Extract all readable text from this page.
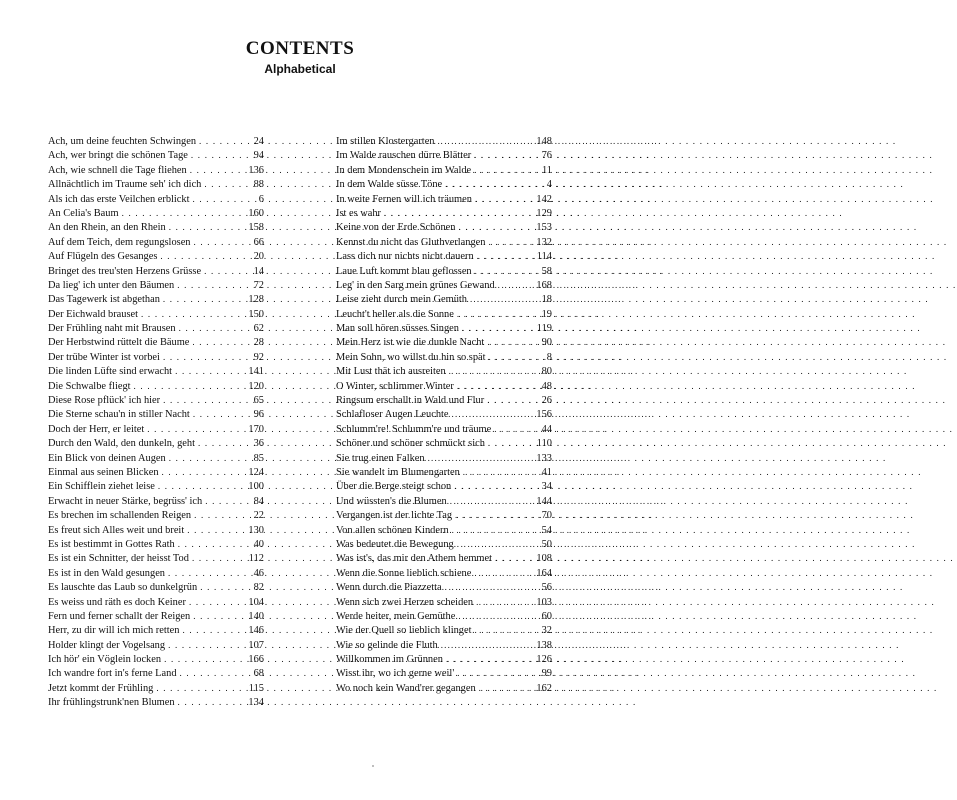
CONTENTS
Alphabetical
Ach, um deine feuchten Schwingen . . .	24
Ach, wer bringt die schönen Tage . . .	94
Ach, wie schnell die Tage fliehen . . .	136
Allnächtlich im Traume seh' ich dich . . .	88
Als ich das erste Veilchen erblickt . . .	6
An Celia's Baum . . .	160
An den Rhein, an den Rhein . . .	158
Auf dem Teich, dem regungslosen . . .	66
Auf Flügeln des Gesanges . . .	20
Bringet des treu'sten Herzens Grüsse . . .	14
Da lieg' ich unter den Bäumen . . .	72
Das Tagewerk ist abgethan . . .	128
Der Eichwald brauset . . .	150
Der Frühling naht mit Brausen . . .	62
Der Herbstwind rüttelt die Bäume . . .	28
Der trübe Winter ist vorbei . . .	92
Die linden Lüfte sind erwacht . . .	141
Die Schwalbe fliegt . . .	120
Diese Rose pflück' ich hier . . .	65
Die Sterne schau'n in stiller Nacht . . .	96
Doch der Herr, er leitet . . .	170
Durch den Wald, den dunkeln, geht . . .	36
Ein Blick von deinen Augen . . .	85
Einmal aus seinen Blicken . . .	124
Ein Schifflein ziehet leise . . .	100
Erwacht in neuer Stärke, begrüss' ich . . .	84
Es brechen im schallenden Reigen . . .	22
Es freut sich Alles weit und breit . . .	130
Es ist bestimmt in Gottes Rath . . .	40
Es ist ein Schnitter, der heisst Tod . . .	112
Es ist in den Wald gesungen . . .	46
Es lauschte das Laub so dunkelgrün . . .	82
Es weiss und räth es doch Keiner . . .	104
Fern und ferner schallt der Reigen . . .	140
Herr, zu dir will ich mich retten . . .	146
Holder klingt der Vogelsang . . .	107
Ich hör' ein Vöglein locken . . .	166
Ich wandre fort in's ferne Land . . .	68
Jetzt kommt der Frühling . . .	115
Ihr frühlingstrunk'nen Blumen . . .	134
Im stillen Klostergarten . . .	148
Im Walde rauschen dürre Blätter . . .	76
In dem Mondenschein im Walde . . .	11
In dem Walde süsse Töne . . .	4
In weite Fernen will ich träumen . . .	142
Ist es wahr . . .	129
Keine von der Erde Schönen . . .	153
Kennst du nicht das Gluthverlangen . . .	132
Lass dich nur nichts nicht dauern . . .	114
Laue Luft kommt blau geflossen . . .	58
Leg' in den Sarg mein grünes Gewand . . .	168
Leise zieht durch mein Gemüth . . .	18
Leucht't heller als die Sonne . . .	19
Man soll hören süsses Singen . . .	119
Mein Herz ist wie die dunkle Nacht . . .	90
Mein Sohn, wo willst du hin so spät . . .	8
Mit Lust thät ich ausreiten . . .	80
O Winter, schlimmer Winter . . .	48
Ringsum erschallt in Wald und Flur . . .	26
Schlafloser Augen Leuchte . . .	156
Schlumm're! Schlumm're und träume . . .	44
Schöner und schöner schmückt sich . . .	110
Sie trug einen Falken . . .	133
Sie wandelt im Blumengarten . . .	41
Über die Berge steigt schon . . .	34
Und wüssten's die Blumen . . .	144
Vergangen ist der lichte Tag . . .	70
Von allen schönen Kindern . . .	54
Was bedeutet die Bewegung . . .	50
Was ist's, das mir den Athem hemmet . . .	108
Wenn die Sonne lieblich schiene . . .	164
Wenn durch die Piazzetta . . .	56
Wenn sich zwei Herzen scheiden . . .	103
Werde heiter, mein Gemüthe . . .	60
Wie der Quell so lieblich klinget . . .	32
Wie so gelinde die Fluth . . .	138
Willkommen im Grünnen . . .	126
Wisst ihr, wo ich gerne weil' . . .	99
Wo noch kein Wand'rer gegangen . . .	162
